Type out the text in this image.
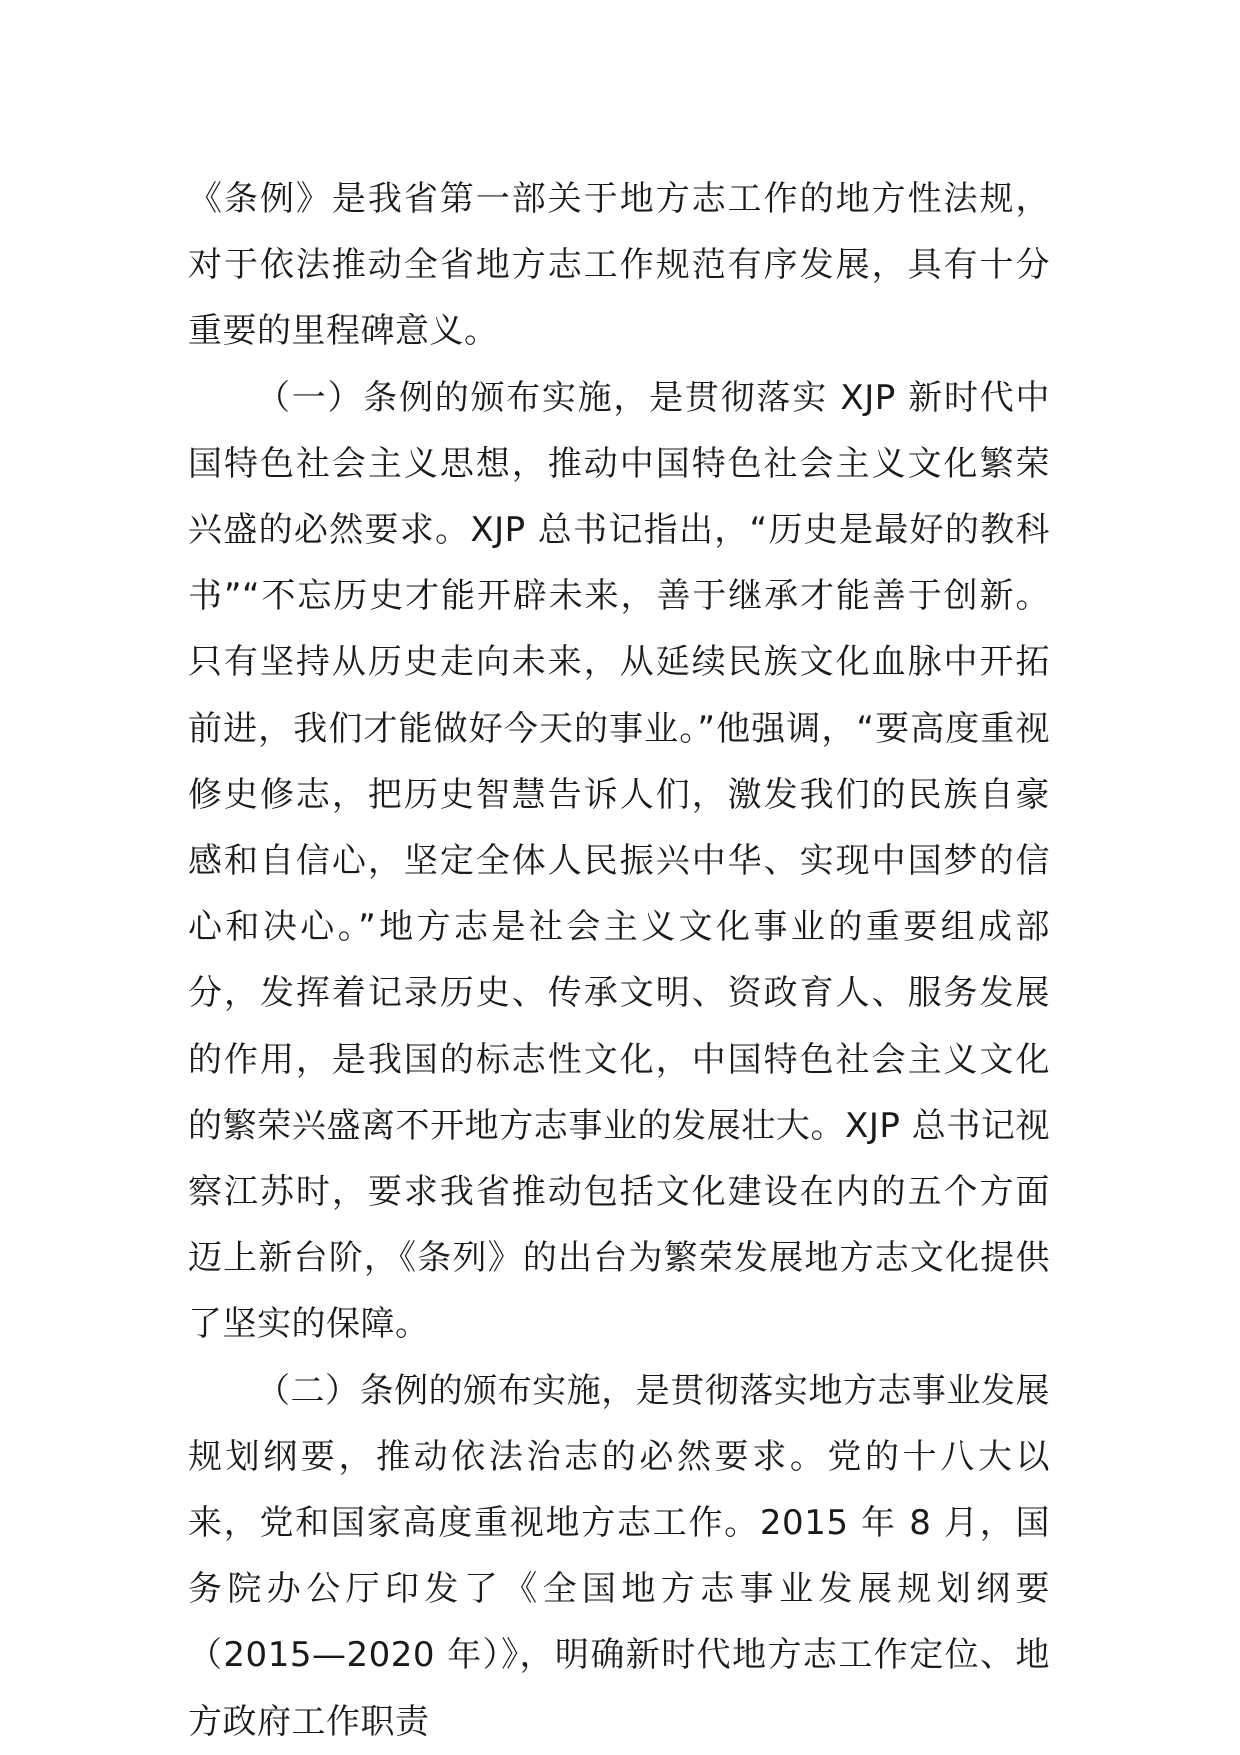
《条例》是我省第一部关于地方志工作的地方性法规，对于依法推动全省地方志工作规范有序发展，具有十分重要的里程碑意义。

（一）条例的颁布实施，是贯彻落实 XJP 新时代中国特色社会主义思想，推动中国特色社会主义文化繁荣兴盛的必然要求。XJP 总书记指出，“历史是最好的教科书”“不忘历史才能开辟未来，善于继承才能善于创新。只有坚持从历史走向未来，从延续民族文化血脉中开拓前进，我们才能做好今天的事业。”他强调，“要高度重视修史修志，把历史智慧告诉人们，激发我们的民族自豪感和自信心，坚定全体人民振兴中华、实现中国梦的信心和决心。”地方志是社会主义文化事业的重要组成部分，发挥着记录历史、传承文明、资政育人、服务发展的作用，是我国的标志性文化，中国特色社会主义文化的繁荣兴盛离不开地方志事业的发展壮大。XJP 总书记视察江苏时，要求我省推动包括文化建设在内的五个方面迈上新台阶，《条列》的出台为繁荣发展地方志文化提供了坚实的保障。

（二）条例的颁布实施，是贯彻落实地方志事业发展规划纲要，推动依法治志的必然要求。党的十八大以来，党和国家高度重视地方志工作。2015 年 8 月，国务院办公厅印发了《全国地方志事业发展规划纲要（2015—2020 年）》，明确新时代地方志工作定位、地方政府工作职责
